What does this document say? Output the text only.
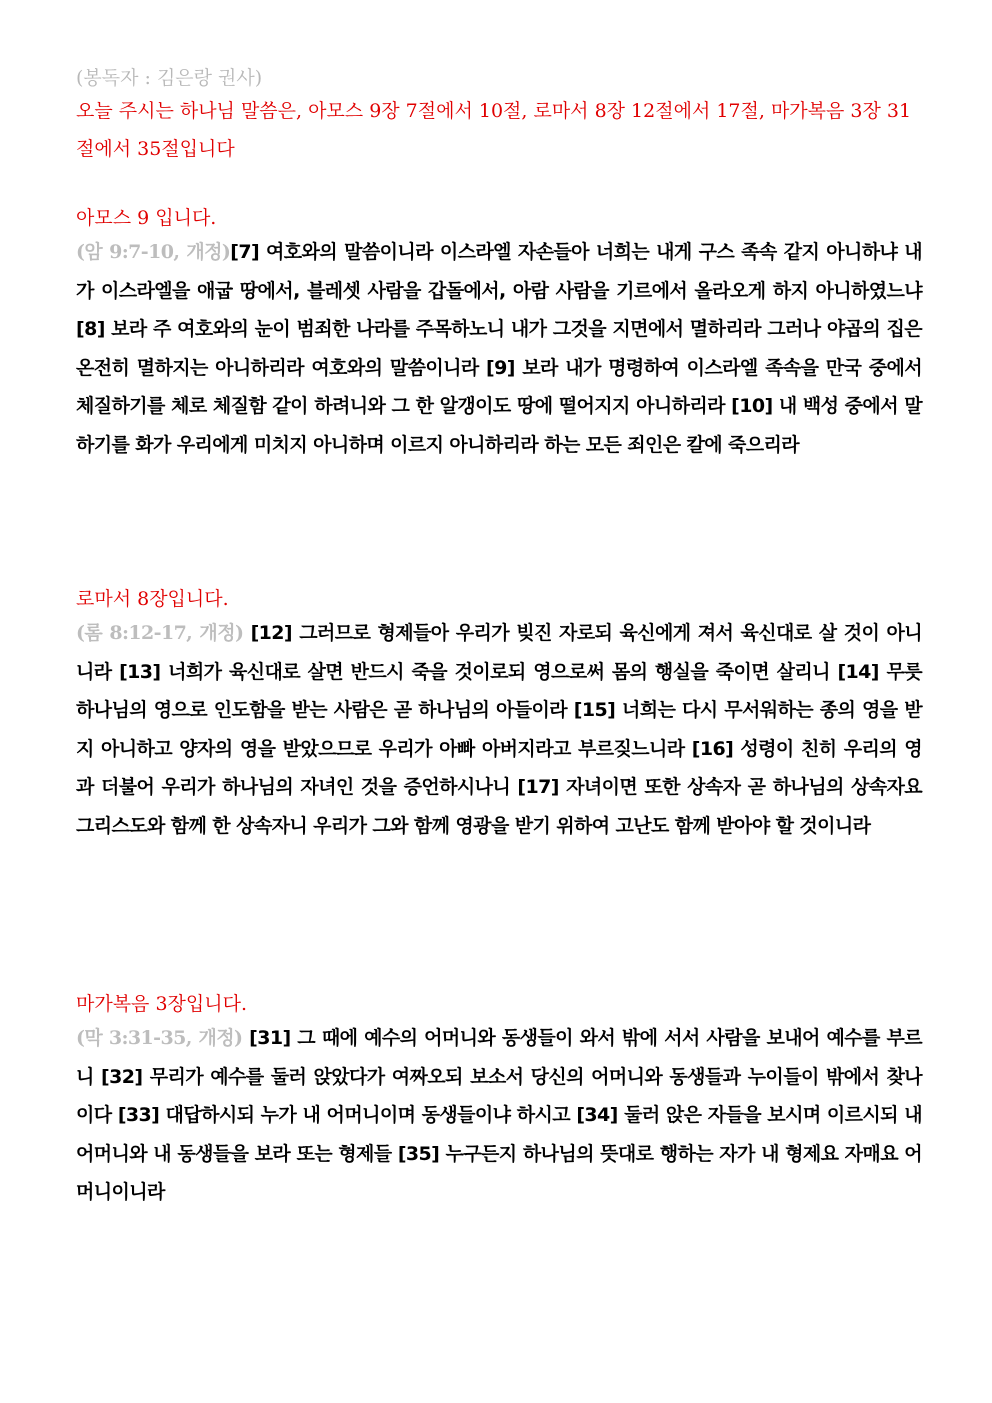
(봉독자 : 김은랑 권사)

오늘 주시는 하나님 말씀은, 아모스 9장 7절에서 10절, 로마서 8장 12절에서 17절, 마가복음 3장 31절에서 35절입니다

아모스 9 입니다.

(암 9:7-10, 개정)[7] 여호와의 말씀이니라 이스라엘 자손들아 너희는 내게 구스 족속 같지 아니하냐 내가 이스라엘을 애굽 땅에서, 블레셋 사람을 갑돌에서, 아람 사람을 기르에서 올라오게 하지 아니하였느냐 [8] 보라 주 여호와의 눈이 범죄한 나라를 주목하노니 내가 그것을 지면에서 멸하리라 그러나 야곱의 집은 온전히 멸하지는 아니하리라 여호와의 말씀이니라 [9] 보라 내가 명령하여 이스라엘 족속을 만국 중에서 체질하기를 체로 체질함 같이 하려니와 그 한 알갱이도 땅에 떨어지지 아니하리라 [10] 내 백성 중에서 말하기를 화가 우리에게 미치지 아니하며 이르지 아니하리라 하는 모든 죄인은 칼에 죽으리라

로마서 8장입니다.

(롬 8:12-17, 개정) [12] 그러므로 형제들아 우리가 빚진 자로되 육신에게 져서 육신대로 살 것이 아니니라 [13] 너희가 육신대로 살면 반드시 죽을 것이로되 영으로써 몸의 행실을 죽이면 살리니 [14] 무릇 하나님의 영으로 인도함을 받는 사람은 곧 하나님의 아들이라 [15] 너희는 다시 무서워하는 종의 영을 받지 아니하고 양자의 영을 받았으므로 우리가 아빠 아버지라고 부르짖느니라 [16] 성령이 친히 우리의 영과 더불어 우리가 하나님의 자녀인 것을 증언하시나니 [17] 자녀이면 또한 상속자 곧 하나님의 상속자요 그리스도와 함께 한 상속자니 우리가 그와 함께 영광을 받기 위하여 고난도 함께 받아야 할 것이니라

마가복음 3장입니다.

(막 3:31-35, 개정) [31] 그 때에 예수의 어머니와 동생들이 와서 밖에 서서 사람을 보내어 예수를 부르니 [32] 무리가 예수를 둘러 앉았다가 여짜오되 보소서 당신의 어머니와 동생들과 누이들이 밖에서 찾나이다 [33] 대답하시되 누가 내 어머니이며 동생들이냐 하시고 [34] 둘러 앉은 자들을 보시며 이르시되 내 어머니와 내 동생들을 보라 또는 형제들 [35] 누구든지 하나님의 뜻대로 행하는 자가 내 형제요 자매요 어머니이니라
